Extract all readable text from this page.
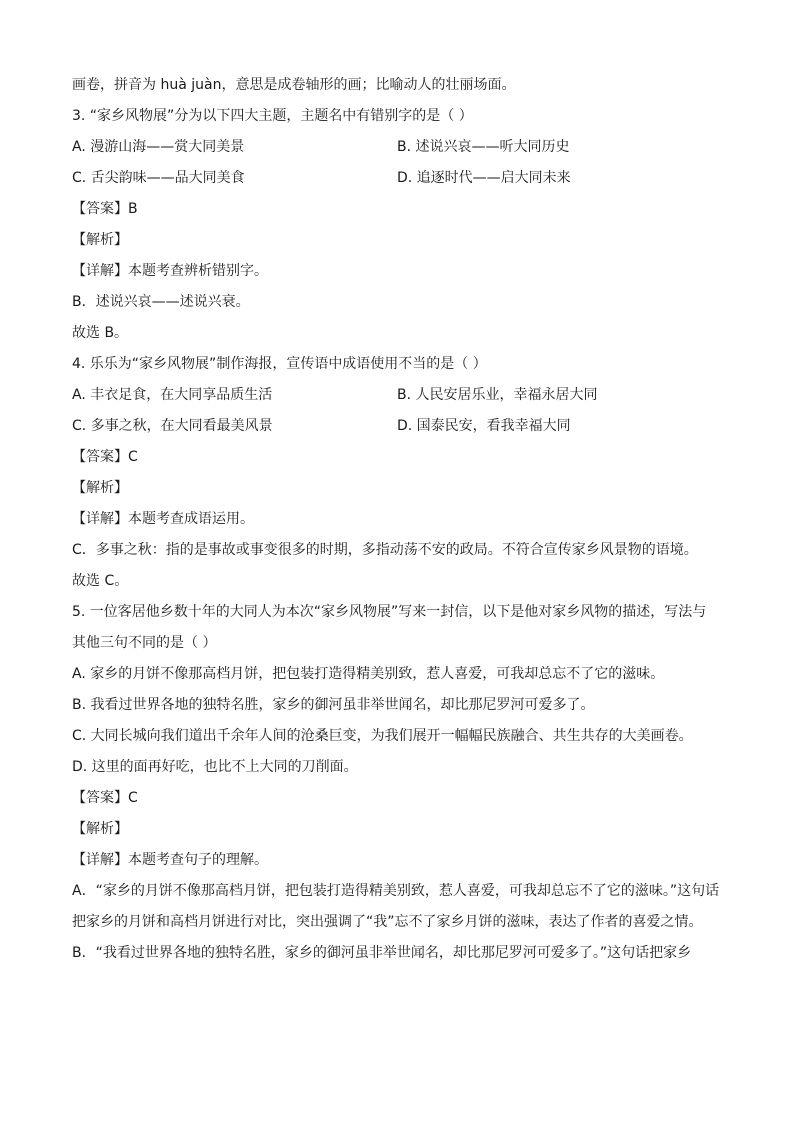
画卷，拼音为 huà juàn，意思是成卷轴形的画；比喻动人的壮丽场面。
3. “家乡风物展”分为以下四大主题，主题名中有错别字的是（ ）
A. 漫游山海——赏大同美景	B. 述说兴哀——听大同历史
C. 舌尖韵味——品大同美食	D. 追逐时代——启大同未来
【答案】B
【解析】
【详解】本题考查辨析错别字。
B．述说兴哀——述说兴衰。
故选 B。
4. 乐乐为“家乡风物展”制作海报，宣传语中成语使用不当的是（ ）
A. 丰衣足食，在大同享品质生活	B. 人民安居乐业，幸福永居大同
C. 多事之秋，在大同看最美风景	D. 国泰民安，看我幸福大同
【答案】C
【解析】
【详解】本题考查成语运用。
C．多事之秋：指的是事故或事变很多的时期，多指动荡不安的政局。不符合宣传家乡风景物的语境。
故选 C。
5. 一位客居他乡数十年的大同人为本次“家乡风物展”写来一封信，以下是他对家乡风物的描述，写法与
其他三句不同的是（ ）
A. 家乡的月饼不像那高档月饼，把包装打造得精美别致，惹人喜爱，可我却总忘不了它的滋味。
B. 我看过世界各地的独特名胜，家乡的御河虽非举世闻名，却比那尼罗河可爱多了。
C. 大同长城向我们道出千余年人间的沧桑巨变，为我们展开一幅幅民族融合、共生共存的大美画卷。
D. 这里的面再好吃，也比不上大同的刀削面。
【答案】C
【解析】
【详解】本题考查句子的理解。
A．“家乡的月饼不像那高档月饼，把包装打造得精美别致，惹人喜爱，可我却总忘不了它的滋味。”这句话把家乡的月饼和高档月饼进行对比，突出强调了“我”忘不了家乡月饼的滋味，表达了作者的喜爱之情。
B．“我看过世界各地的独特名胜，家乡的御河虽非举世闻名，却比那尼罗河可爱多了。”这句话把家乡
